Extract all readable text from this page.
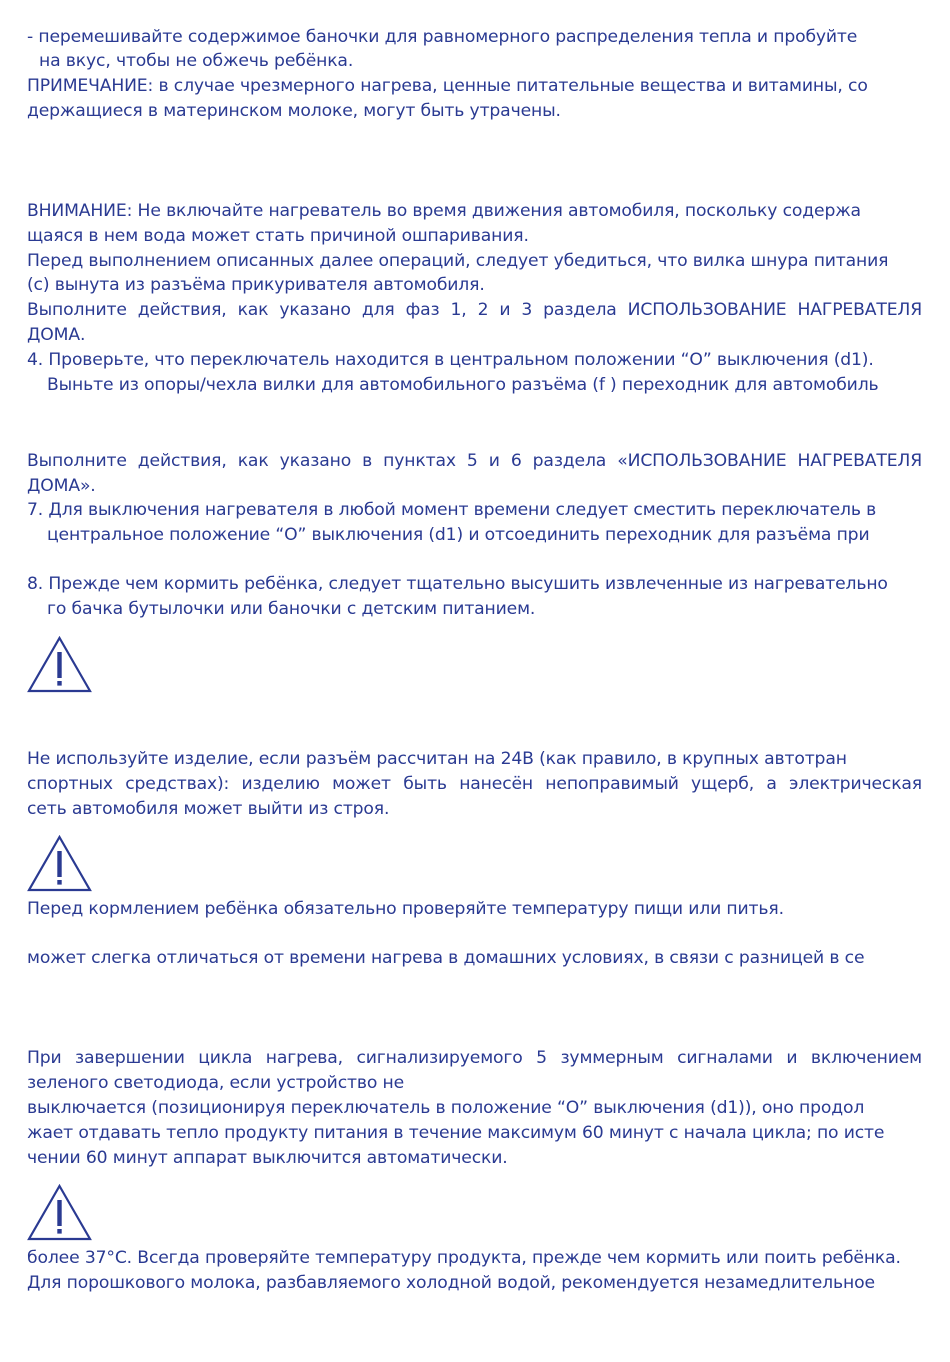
- перемешивайте содержимое баночки для равномерного распределения тепла и пробуйте
на вкус, чтобы не обжечь ребёнка.
ПРИМЕЧАНИЕ: в случае чрезмерного нагрева, ценные питательные вещества и витамины, со
держащиеся в материнском молоке, могут быть утрачены.
ВНИМАНИЕ: Не включайте нагреватель во время движения автомобиля, поскольку содержа
щаяся в нем вода может стать причиной ошпаривания.
Перед выполнением описанных далее операций, следует убедиться, что вилка шнура питания
(c) вынута из разъёма прикуривателя автомобиля.
Выполните действия, как указано для фаз 1, 2 и 3 раздела ИСПОЛЬЗОВАНИЕ НАГРЕВАТЕЛЯ
ДОМА.
4. Проверьте, что переключатель находится в центральном положении “О” выключения (d1).
Выньте из опоры/чехла вилки для автомобильного разъёма (f ) переходник для автомобиль
Выполните действия, как указано в пунктах 5 и 6 раздела «ИСПОЛЬЗОВАНИЕ НАГРЕВАТЕЛЯ
ДОМА».
7. Для выключения нагревателя в любой момент времени следует сместить переключатель в
центральное положение “О” выключения (d1) и отсоединить переходник для разъёма при
8. Прежде чем кормить ребёнка, следует тщательно высушить извлеченные из нагревательно
го бачка бутылочки или баночки с детским питанием.
Не используйте изделие, если разъём рассчитан на 24В (как правило, в крупных автотран
спортных средствах): изделию может быть нанесён непоправимый ущерб, а электрическая
сеть автомобиля может выйти из строя.
Перед кормлением ребёнка обязательно проверяйте температуру пищи или питья.
может слегка отличаться от времени нагрева в домашних условиях, в связи с разницей в се
При завершении цикла нагрева, сигнализируемого 5 зуммерным сигналами и включением
зеленого светодиода, если устройство не
выключается (позиционируя переключатель в положение “О” выключения (d1)), оно продол
жает отдавать тепло продукту питания в течение максимум 60 минут с начала цикла; по исте
чении 60 минут аппарат выключится автоматически.
более 37°C. Всегда проверяйте температуру продукта, прежде чем кормить или поить ребёнка.
Для порошкового молока, разбавляемого холодной водой, рекомендуется незамедлительное
